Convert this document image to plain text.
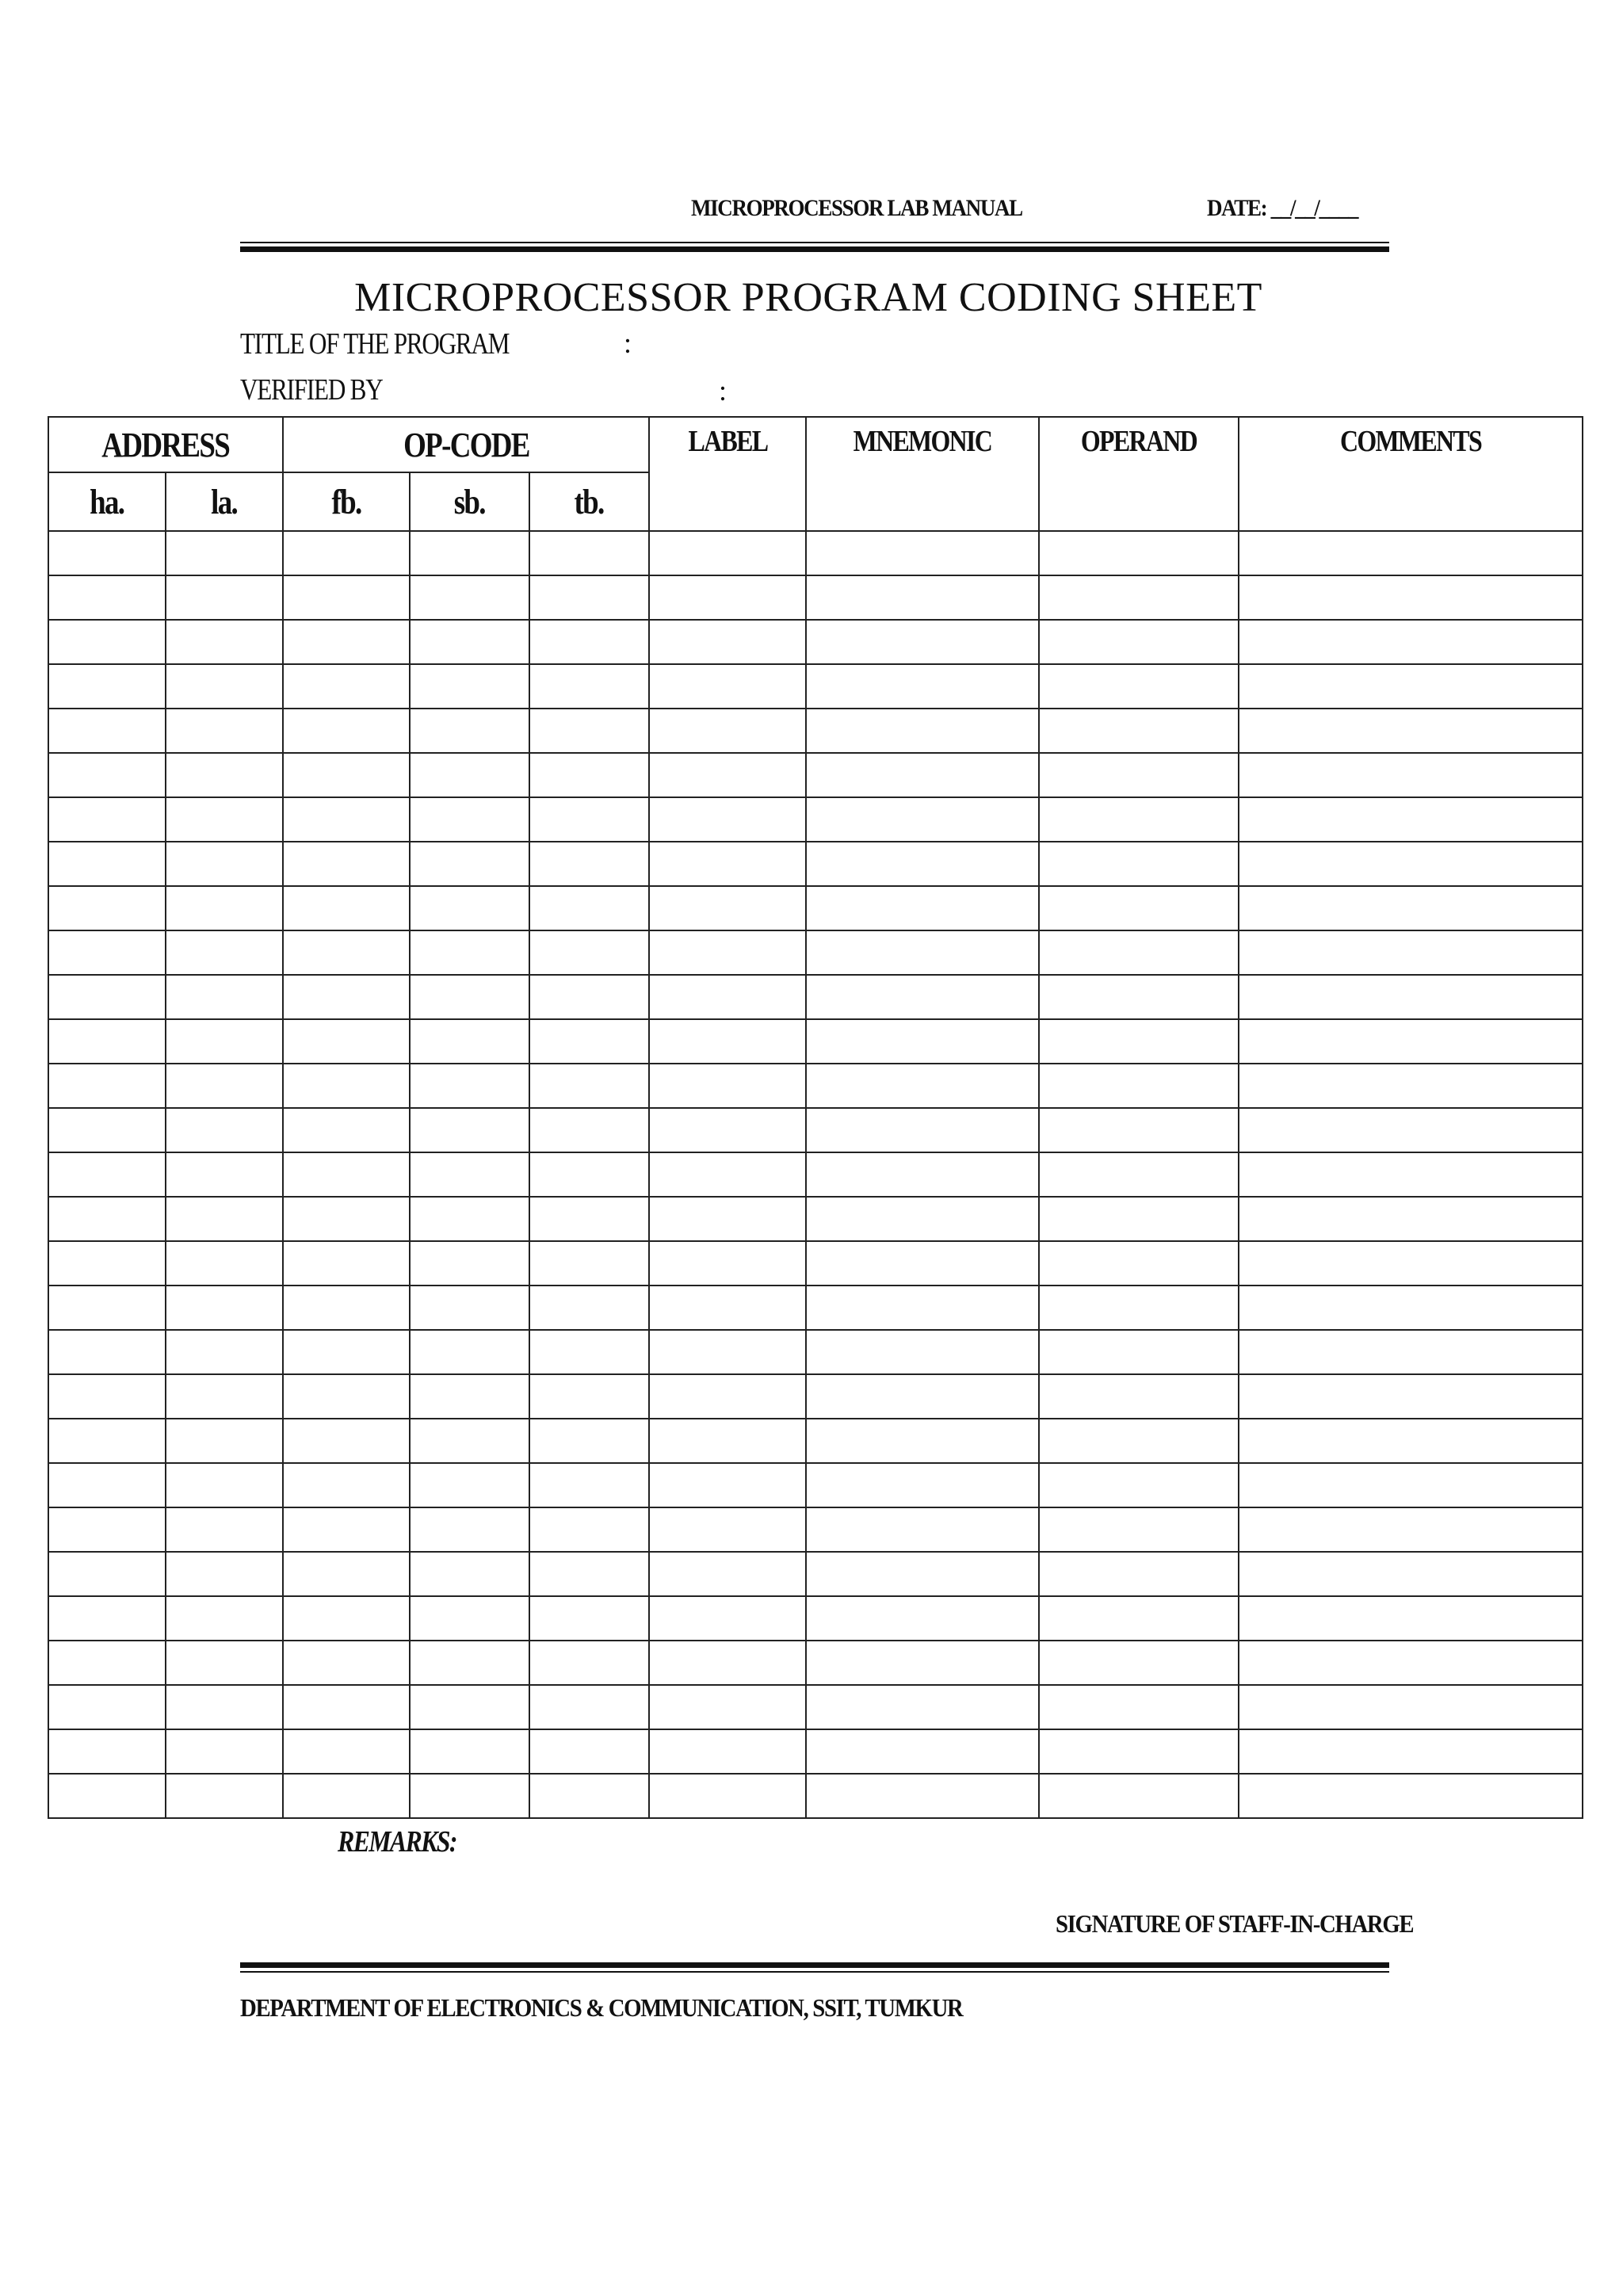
MICROPROCESSOR LAB MANUAL	DATE: __/__/____
MICROPROCESSOR PROGRAM CODING SHEET
TITLE OF THE PROGRAM	:
VERIFIED BY	:
ADDRESS		OP-CODE			LABEL	MNEMONIC	OPERAND	COMMENTS
ha.	la.	fb.	sb.	tb.				

REMARKS:
SIGNATURE OF STAFF-IN-CHARGE
DEPARTMENT OF ELECTRONICS & COMMUNICATION, SSIT, TUMKUR
